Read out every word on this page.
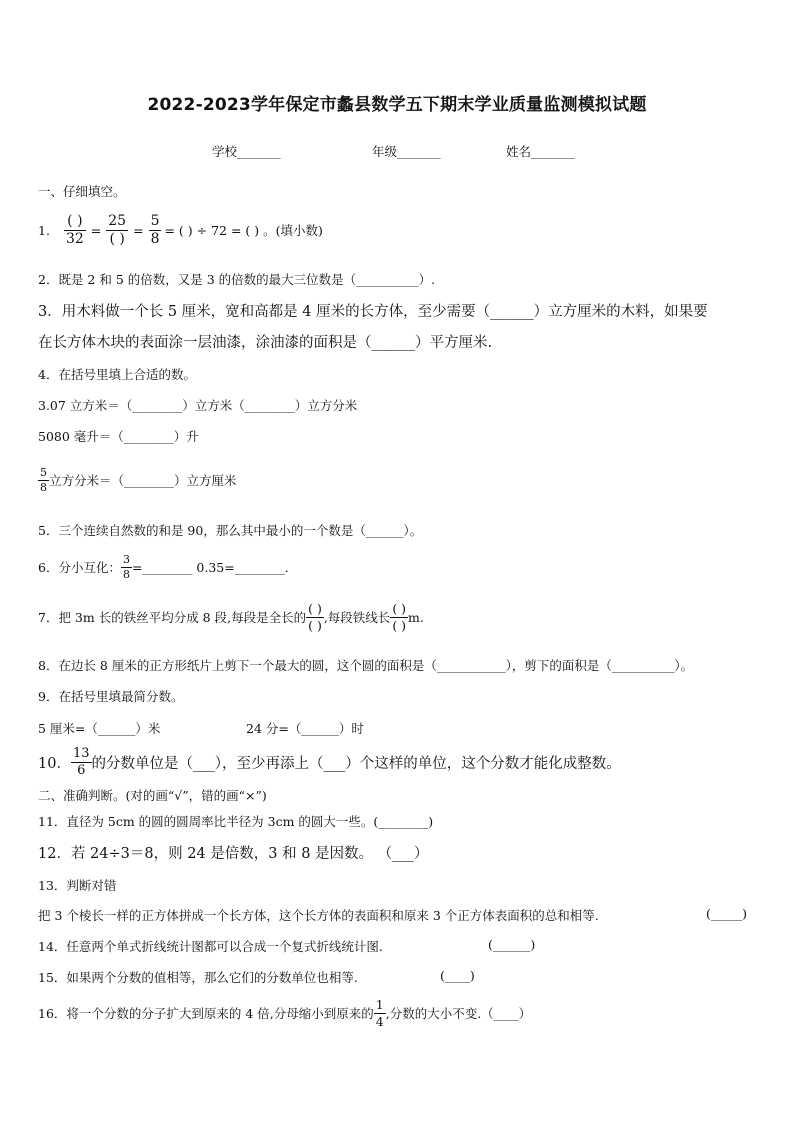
2022-2023学年保定市蠡县数学五下期末学业质量监测模拟试题
学校_______	年级_______	姓名_______
一、仔细填空。
1. $\frac{( )}{32} = \frac{25}{( )} = \frac{5}{8}$ = ( ) ÷ 72 = ( ) 。(填小数)
2．既是 2 和 5 的倍数，又是 3 的倍数的最大三位数是（__________）.
3．用木料做一个长 5 厘米，宽和高都是 4 厘米的长方体，至少需要（______）立方厘米的木料，如果要
在长方体木块的表面涂一层油漆，涂油漆的面积是（______）平方厘米.
4．在括号里填上合适的数。
3.07 立方米＝（________）立方米（________）立方分米
5080 毫升＝（________）升
$\frac{5}{8}$ 立方分米＝（________）立方厘米
5．三个连续自然数的和是 90，那么其中最小的一个数是（______）。
6．分小互化： $\frac{3}{8}$ =________ 0.35=________.
7．把 3m 长的铁丝平均分成 8 段,每段是全长的 $\frac{( )}{( )}$ ,每段铁线长 $\frac{( )}{( )} m$.
8．在边长 8 厘米的正方形纸片上剪下一个最大的圆，这个圆的面积是（___________），剪下的面积是（__________）。
9．在括号里填最简分数。
5 厘米=（______）米	24 分=（______）时
10． $\frac{13}{6}$ 的分数单位是（___），至少再添上（___）个这样的单位，这个分数才能化成整数。
二、准确判断。(对的画“√”，错的画“×”)
11．直径为 5cm 的圆的圆周率比半径为 3cm 的圆大一些。(________)
12．若 24÷3＝8，则 24 是倍数，3 和 8 是因数。 （___）
13．判断对错
把 3 个棱长一样的正方体拼成一个长方体，这个长方体的表面积和原来 3 个正方体表面积的总和相等.	(_____)
14．任意两个单式折线统计图都可以合成一个复式折线统计图.	(______)
15．如果两个分数的值相等，那么它们的分数单位也相等.	(____)
16．将一个分数的分子扩大到原来的 4 倍,分母缩小到原来的 $\frac{1}{4}$ ,分数的大小不变.（____）
